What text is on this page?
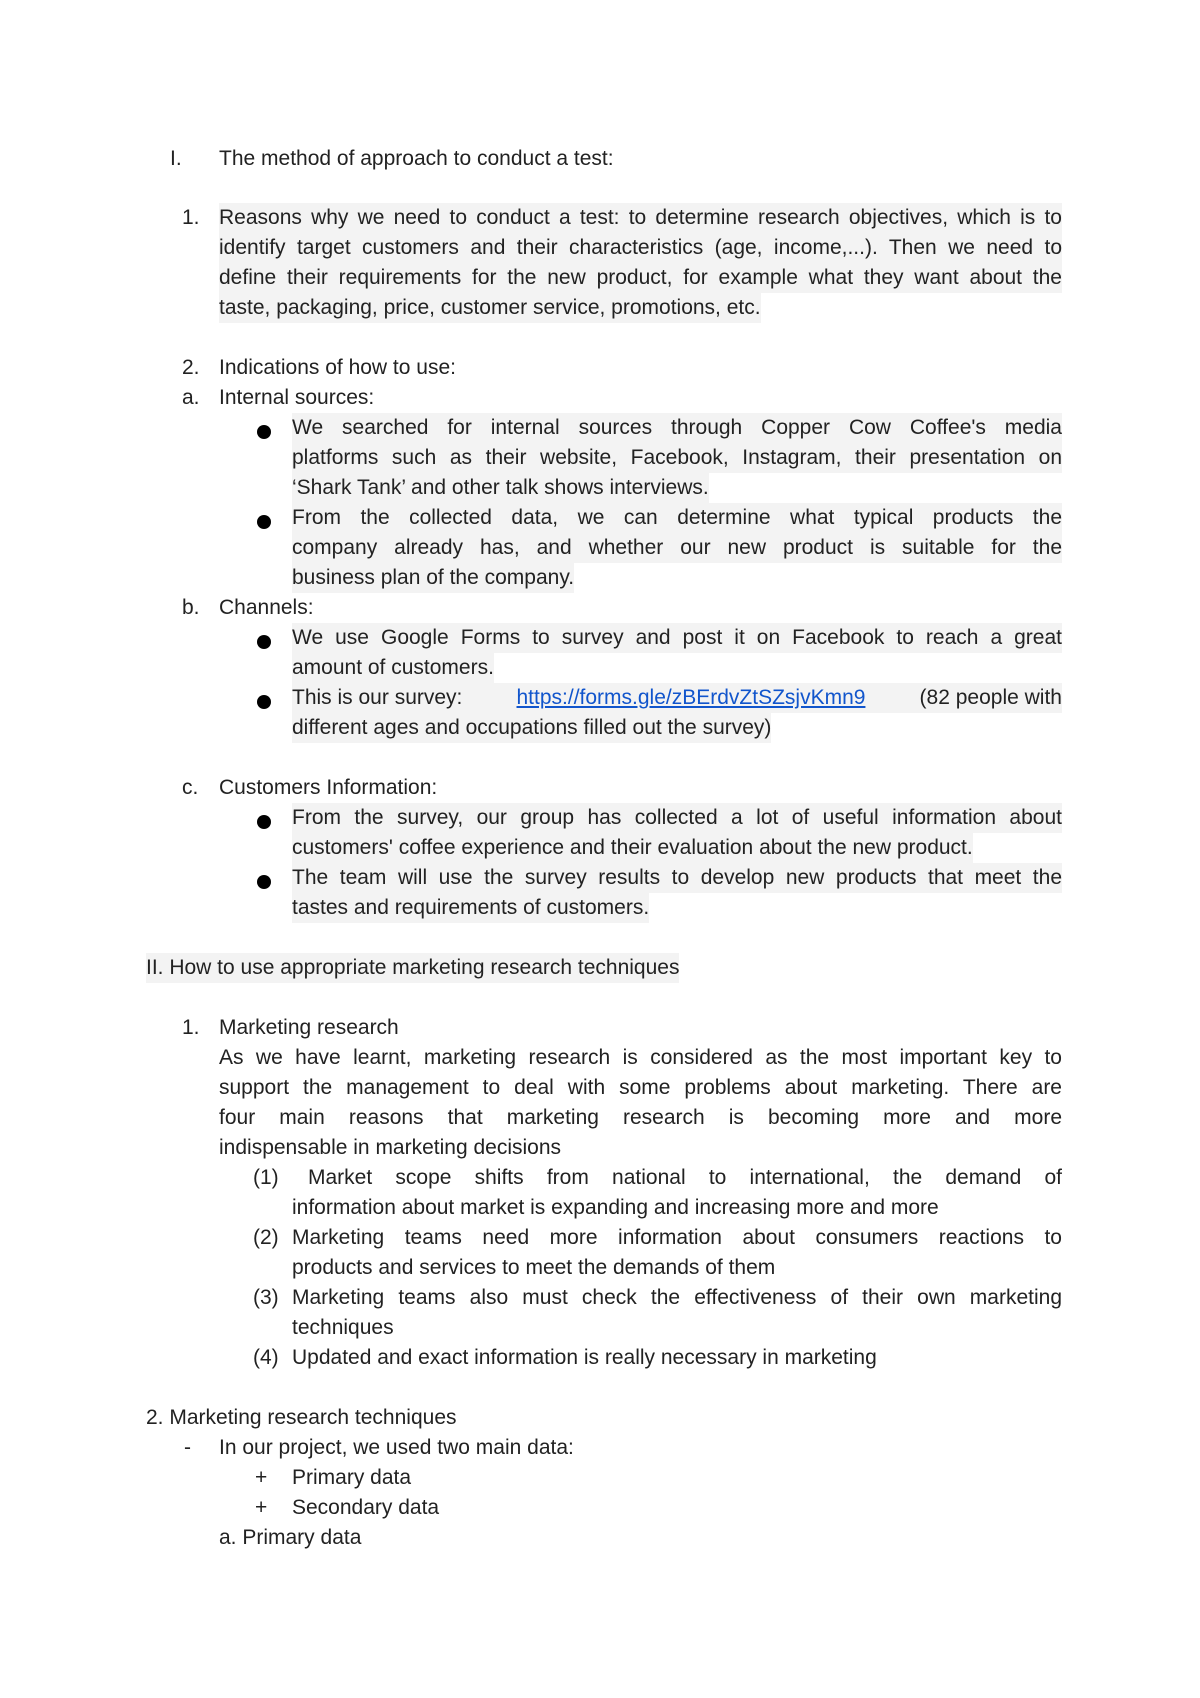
I. The method of approach to conduct a test:
1. Reasons why we need to conduct a test: to determine research objectives, which is to
identify target customers and their characteristics (age, income,...). Then we need to
define their requirements for the new product, for example what they want about the
taste, packaging, price, customer service, promotions, etc.
2. Indications of how to use:
a. Internal sources:
We searched for internal sources through Copper Cow Coffee's media
platforms such as their website, Facebook, Instagram, their presentation on
‘Shark Tank’ and other talk shows interviews.
From the collected data, we can determine what typical products the
company already has, and whether our new product is suitable for the
business plan of the company.
b. Channels:
We use Google Forms to survey and post it on Facebook to reach a great
amount of customers.
This is our survey:	https://forms.gle/zBErdvZtSZsjvKmn9	(82 people with
different ages and occupations filled out the survey)
c. Customers Information:
From the survey, our group has collected a lot of useful information about
customers' coffee experience and their evaluation about the new product.
The team will use the survey results to develop new products that meet the
tastes and requirements of customers.
II. How to use appropriate marketing research techniques
1. Marketing research
As we have learnt, marketing research is considered as the most important key to
support the management to deal with some problems about marketing. There are
four main reasons that marketing research is becoming more and more
indispensable in marketing decisions
(1) Market scope shifts from national to international, the demand of
information about market is expanding and increasing more and more
(2) Marketing teams need more information about consumers reactions to
products and services to meet the demands of them
(3) Marketing teams also must check the effectiveness of their own marketing
techniques
(4) Updated and exact information is really necessary in marketing
2. Marketing research techniques
- In our project, we used two main data:
+ Primary data
+ Secondary data
a. Primary data
